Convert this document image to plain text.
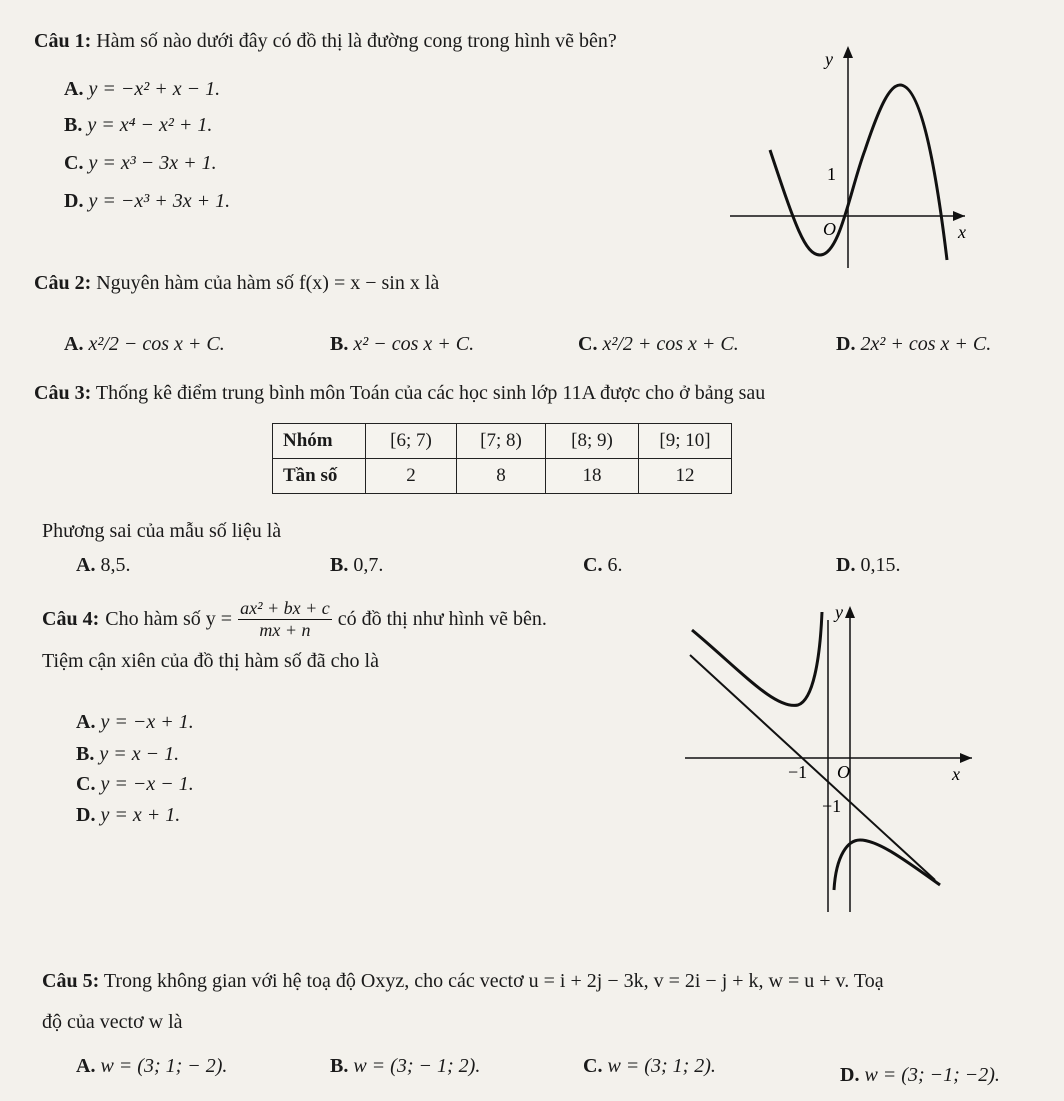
Câu 1: Hàm số nào dưới đây có đồ thị là đường cong trong hình vẽ bên?
A. y = −x² + x − 1.
B. y = x⁴ − x² + 1.
C. y = x³ − 3x + 1.
D. y = −x³ + 3x + 1.
y
x
O
1
Câu 2: Nguyên hàm của hàm số f(x) = x − sin x là
A. x²/2 − cos x + C.	B. x² − cos x + C.	C. x²/2 + cos x + C.	D. 2x² + cos x + C.
Câu 3: Thống kê điểm trung bình môn Toán của các học sinh lớp 11A được cho ở bảng sau
Nhóm	[6; 7)	[7; 8)	[8; 9)	[9; 10]
Tần số	2	8	18	12
Phương sai của mẫu số liệu là
A. 8,5.	B. 0,7.	C. 6.	D. 0,15.
Câu 4: Cho hàm số $y = \frac{\text{ax² + bx + c}}{mx + n}$ có đồ thị như hình vẽ bên.
Tiệm cận xiên của đồ thị hàm số đã cho là
A. y = −x + 1.
B. y = x − 1.
C. y = −x − 1.
D. y = x + 1.
y
x
O
−1
−1
Câu 5: Trong không gian với hệ toạ độ Oxyz, cho các vectơ u = i + 2j − 3k, v = 2i − j + k, w = u + v. Toạ
độ của vectơ w là
A. w = (3; 1; − 2).	B. w = (3; − 1; 2).	C. w = (3; 1; 2).	D. w = (3; −1; −2).
